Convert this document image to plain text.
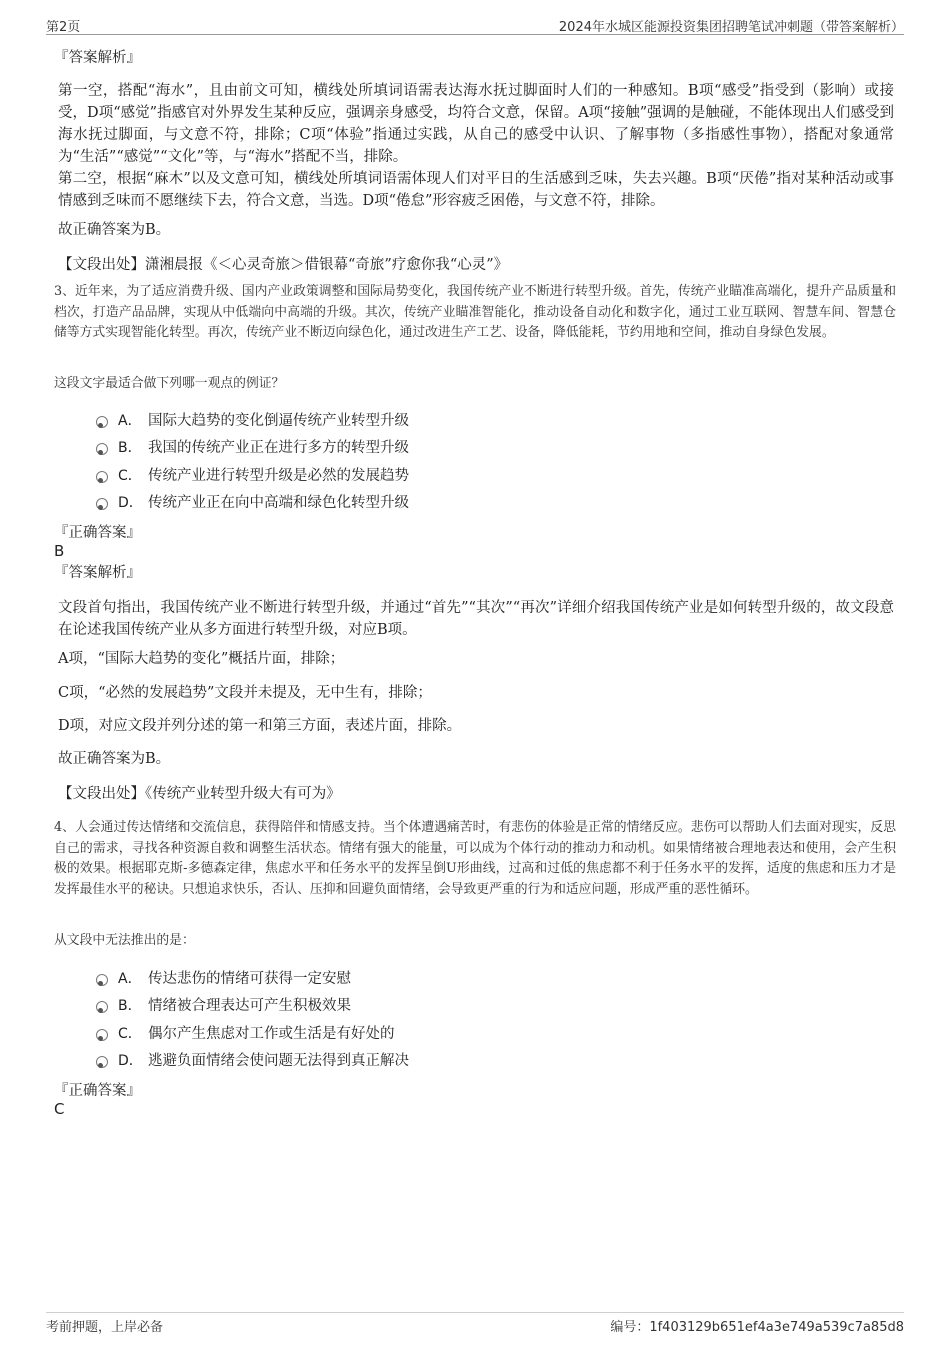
第2页	2024年水城区能源投资集团招聘笔试冲刺题（带答案解析）
『答案解析』
第一空，搭配“海水”，且由前文可知，横线处所填词语需表达海水抚过脚面时人们的一种感知。B项“感受”指受到（影响）或接受，D项“感觉”指感官对外界发生某种反应，强调亲身感受，均符合文意，保留。A项“接触”强调的是触碰，不能体现出人们感受到海水抚过脚面，与文意不符，排除；C项“体验”指通过实践，从自己的感受中认识、了解事物（多指感性事物），搭配对象通常为“生活”“感觉”“文化”等，与“海水”搭配不当，排除。
第二空，根据“麻木”以及文意可知，横线处所填词语需体现人们对平日的生活感到乏味，失去兴趣。B项“厌倦”指对某种活动或事情感到乏味而不愿继续下去，符合文意，当选。D项“倦怠”形容疲乏困倦，与文意不符，排除。
故正确答案为B。
【文段出处】潇湘晨报《＜心灵奇旅＞借银幕“奇旅”疗愈你我“心灵”》
3、近年来，为了适应消费升级、国内产业政策调整和国际局势变化，我国传统产业不断进行转型升级。首先，传统产业瞄准高端化，提升产品质量和档次，打造产品品牌，实现从中低端向中高端的升级。其次，传统产业瞄准智能化，推动设备自动化和数字化，通过工业互联网、智慧车间、智慧仓储等方式实现智能化转型。再次，传统产业不断迈向绿色化，通过改进生产工艺、设备，降低能耗，节约用地和空间，推动自身绿色发展。
这段文字最适合做下列哪一观点的例证？
A． 国际大趋势的变化倒逼传统产业转型升级
B． 我国的传统产业正在进行多方的转型升级
C． 传统产业进行转型升级是必然的发展趋势
D． 传统产业正在向中高端和绿色化转型升级
『正确答案』
B
『答案解析』
文段首句指出，我国传统产业不断进行转型升级，并通过“首先”“其次”“再次”详细介绍我国传统产业是如何转型升级的，故文段意在论述我国传统产业从多方面进行转型升级，对应B项。
A项，“国际大趋势的变化”概括片面，排除；
C项，“必然的发展趋势”文段并未提及，无中生有，排除；
D项，对应文段并列分述的第一和第三方面，表述片面，排除。
故正确答案为B。
【文段出处】《传统产业转型升级大有可为》
4、人会通过传达情绪和交流信息，获得陪伴和情感支持。当个体遭遇痛苦时，有悲伤的体验是正常的情绪反应。悲伤可以帮助人们去面对现实，反思自己的需求，寻找各种资源自救和调整生活状态。情绪有强大的能量，可以成为个体行动的推动力和动机。如果情绪被合理地表达和使用，会产生积极的效果。根据耶克斯-多德森定律，焦虑水平和任务水平的发挥呈倒U形曲线，过高和过低的焦虑都不利于任务水平的发挥，适度的焦虑和压力才是发挥最佳水平的秘诀。只想追求快乐，否认、压抑和回避负面情绪，会导致更严重的行为和适应问题，形成严重的恶性循环。
从文段中无法推出的是：
A． 传达悲伤的情绪可获得一定安慰
B． 情绪被合理表达可产生积极效果
C． 偶尔产生焦虑对工作或生活是有好处的
D． 逃避负面情绪会使问题无法得到真正解决
『正确答案』
C
考前押题，上岸必备	编号：1f403129b651ef4a3e749a539c7a85d8
